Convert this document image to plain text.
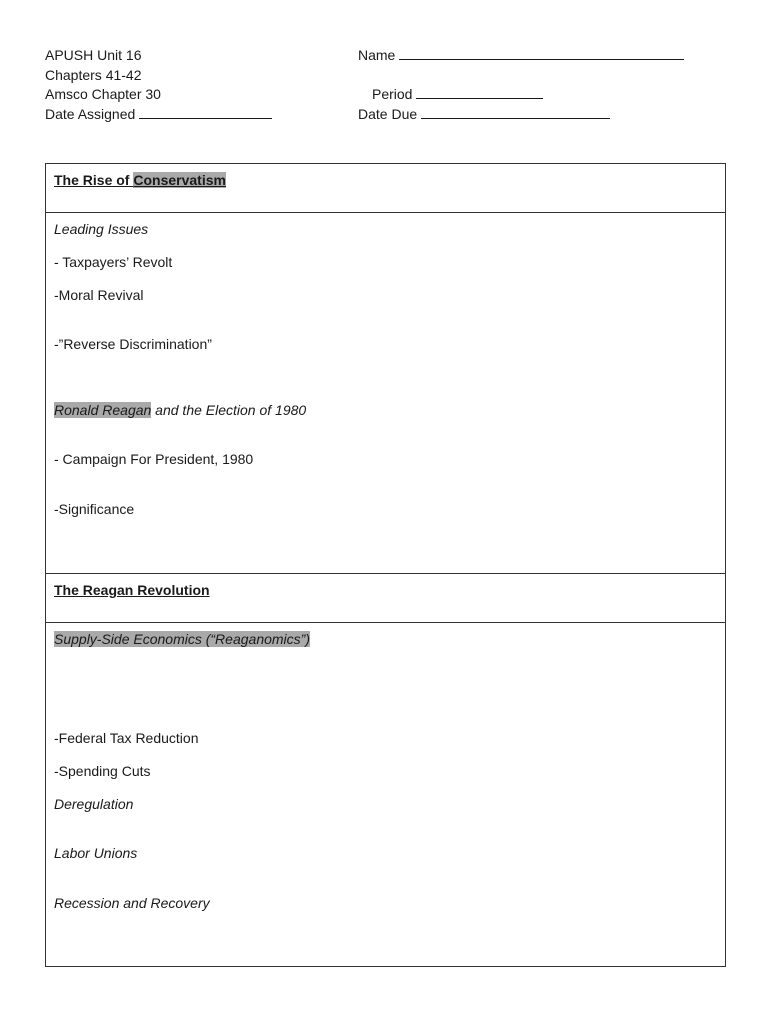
APUSH Unit 16
Chapters 41-42
Amsco Chapter 30
Date Assigned
Name

Period
Date Due
The Rise of Conservatism
Leading Issues
- Taxpayers’ Revolt
-Moral Revival
-”Reverse Discrimination”
Ronald Reagan and the Election of 1980
- Campaign For President, 1980
-Significance
The Reagan Revolution
Supply-Side Economics (“Reaganomics”)
-Federal Tax Reduction
-Spending Cuts
Deregulation
Labor Unions
Recession and Recovery
